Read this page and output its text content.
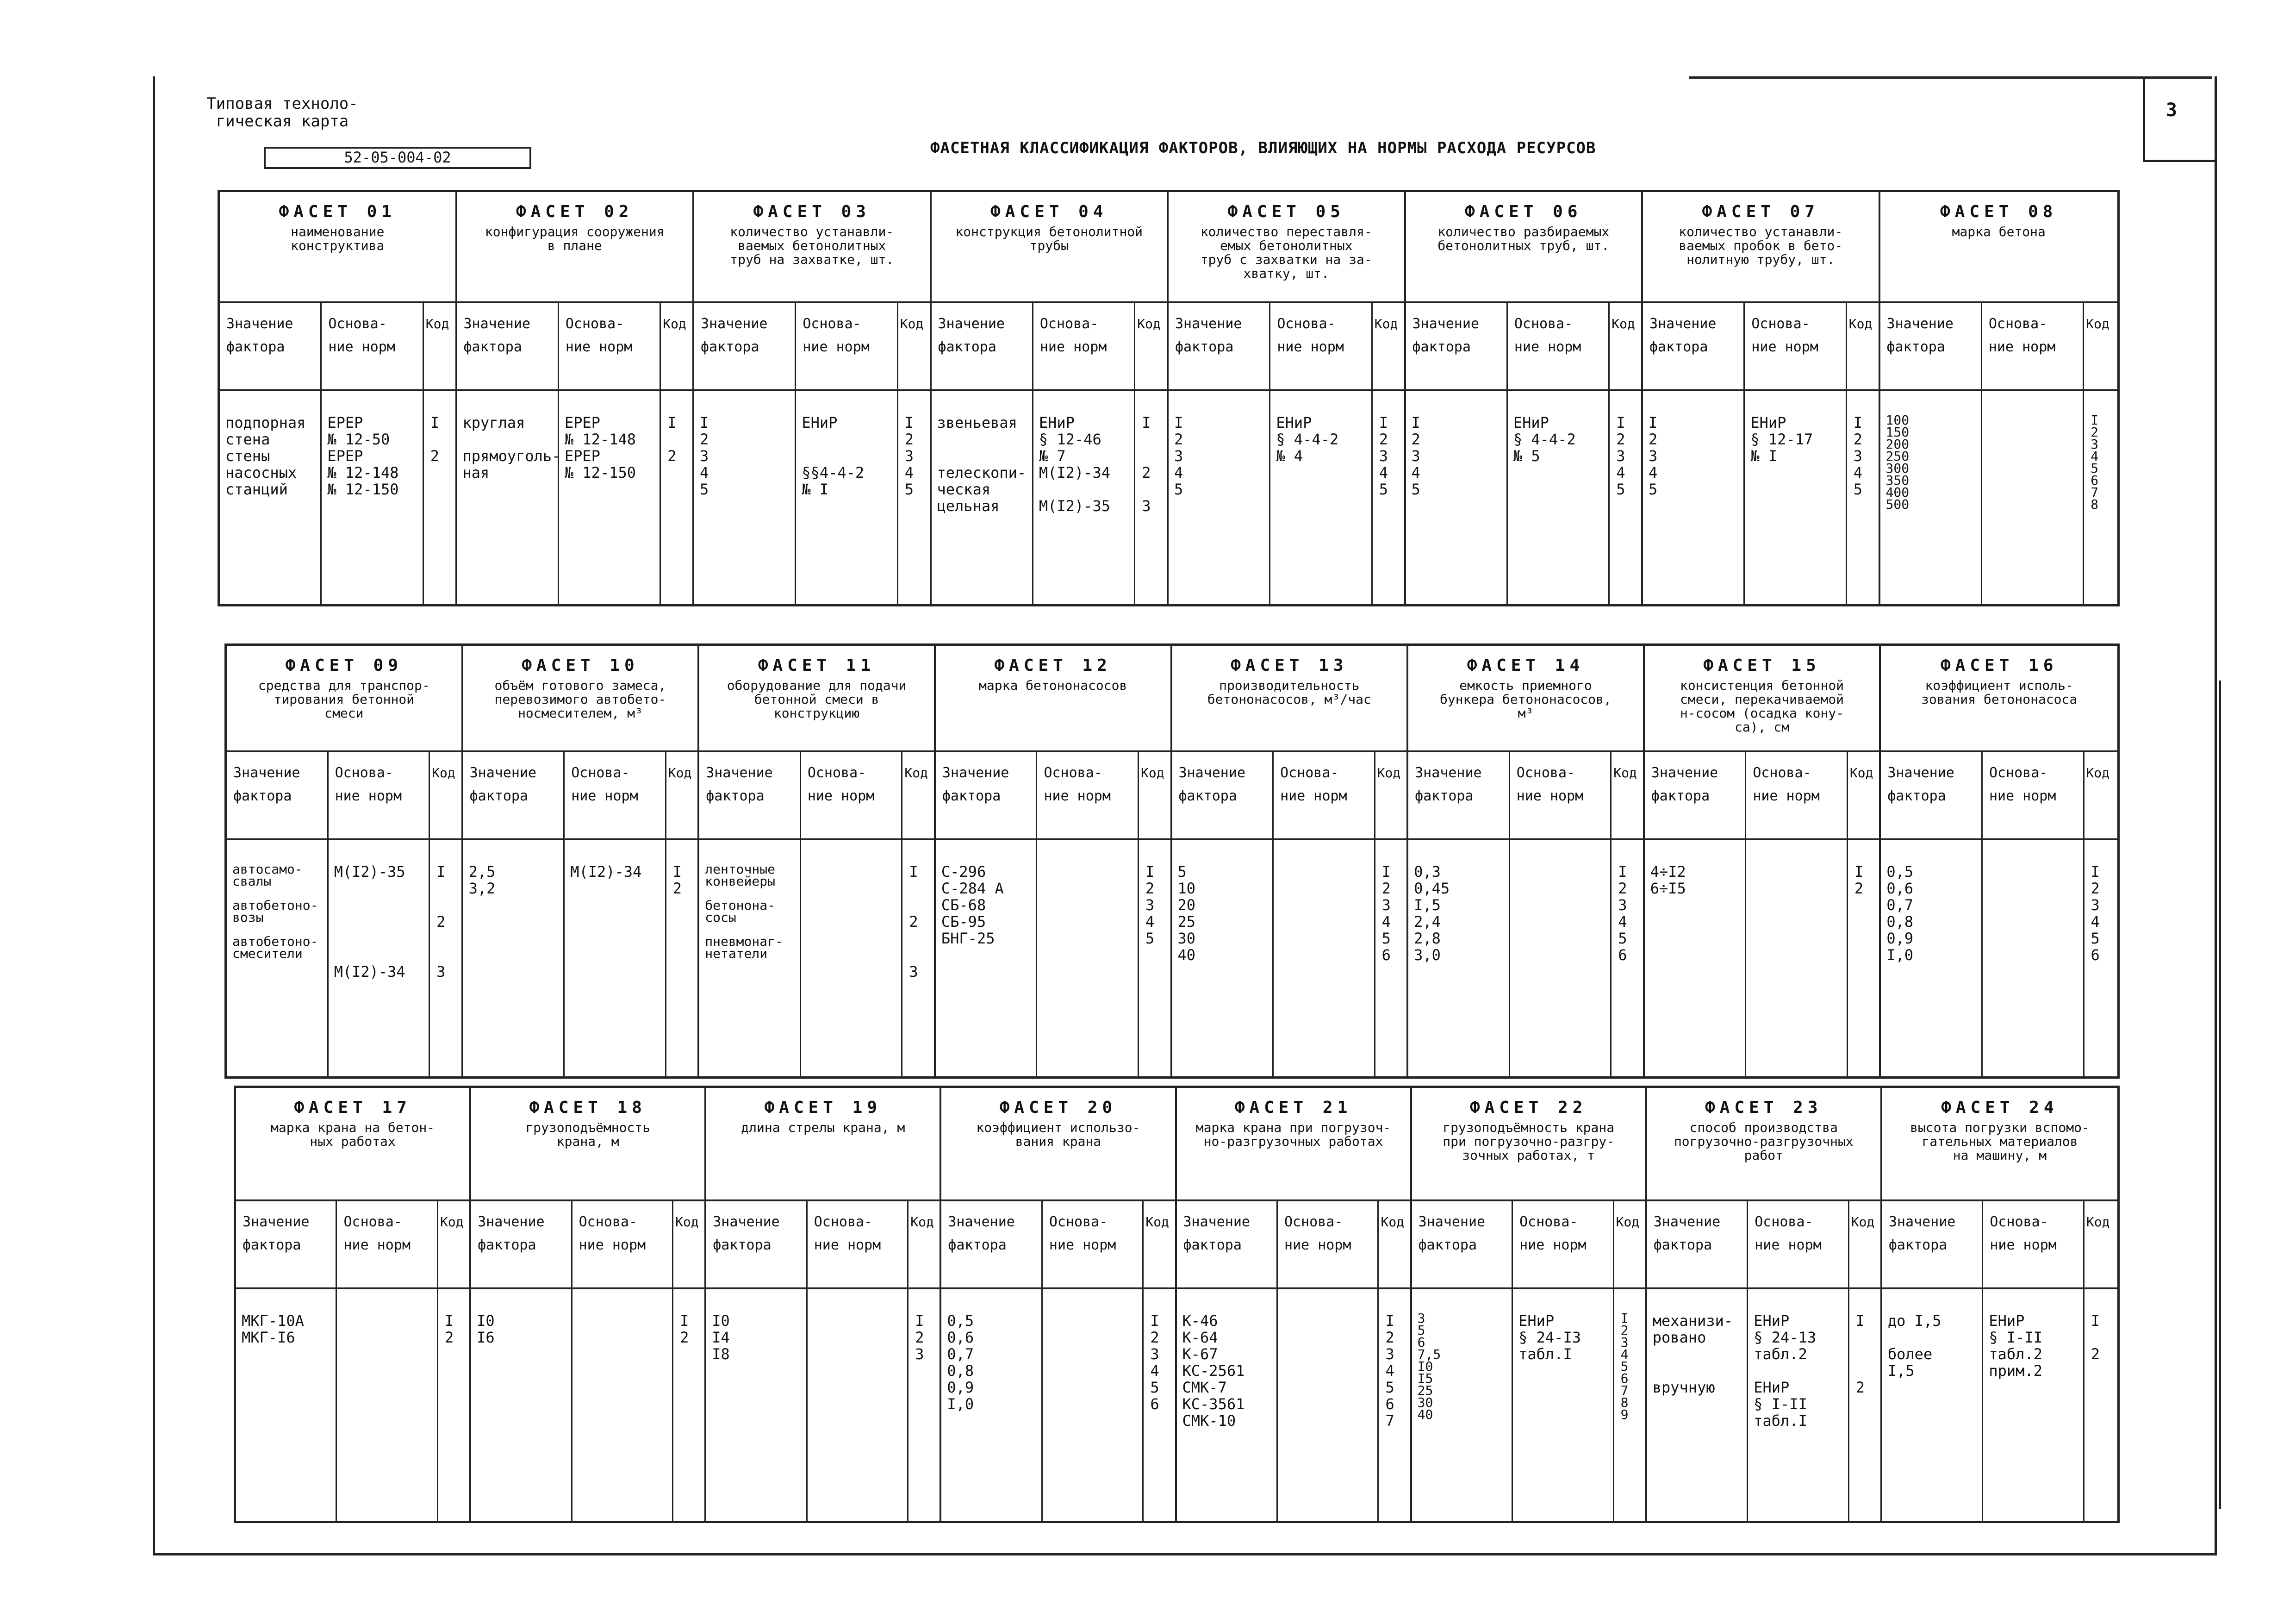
3
Типовая техноло-
гическая карта
52-05-004-02	ФАСЕТНАЯ КЛАССИФИКАЦИЯ ФАКТОРОВ, ВЛИЯЮЩИХ НА НОРМЫ РАСХОДА РЕСУРСОВ
ФАСЕТ 01
наименование
конструктива
Значение
фактора
подпорная
стена
стены
насосных
станций
Основа-
ние норм
ЕРЕР
№ 12-50
ЕРЕР
№ 12-148
№ 12-150
Код
I

2
ФАСЕТ 02
конфигурация сооружения
в плане
Значение
фактора
круглая

прямоуголь-
ная
Основа-
ние норм
ЕРЕР
№ 12-148
ЕРЕР
№ 12-150
Код
I

2
ФАСЕТ 03
количество устанавли-
ваемых бетонолитных
труб на захватке, шт.
Значение
фактора
I
2
3
4
5
Основа-
ние норм
ЕНиР

§§4-4-2
№ I
Код
I
2
3
4
5
ФАСЕТ 04
конструкция бетонолитной
трубы
Значение
фактора
звеньевая

телескопи-
ческая
цельная
Основа-
ние норм
ЕНиР
§ 12-46
№ 7
М(I2)-34

М(I2)-35
Код
I

2

3
ФАСЕТ 05
количество переставля-
емых бетонолитных
труб с захватки на за-
хватку, шт.
Значение
фактора
I
2
3
4
5
Основа-
ние норм
ЕНиР
§ 4-4-2
№ 4
Код
I
2
3
4
5
ФАСЕТ 06
количество разбираемых
бетонолитных труб, шт.
Значение
фактора
I
2
3
4
5
Основа-
ние норм
ЕНиР
§ 4-4-2
№ 5
Код
I
2
3
4
5
ФАСЕТ 07
количество устанавли-
ваемых пробок в бето-
нолитную трубу, шт.
Значение
фактора
I
2
3
4
5
Основа-
ние норм
ЕНиР
§ 12-17
№ I
Код
I
2
3
4
5
ФАСЕТ 08
марка бетона
Значение
фактора
100
150
200
250
300
350
400
500
Основа-
ние норм
Код
I
2
3
4
5
6
7
8
ФАСЕТ 09
средства для транспор-
тирования бетонной
смеси
Значение
фактора
автосамо-
свалы

автобетоно-
возы

автобетоно-
смесители
Основа-
ние норм
М(I2)-35

М(I2)-34
Код
I

2

3
ФАСЕТ 10
объём готового замеса,
перевозимого автобето-
носмесителем, м³
Значение
фактора
2,5
3,2
Основа-
ние норм
М(I2)-34
Код
I
2
ФАСЕТ 11
оборудование для подачи
бетонной смеси в
конструкцию
Значение
фактора
ленточные
конвейеры

бетонона-
сосы

пневмонаг-
нетатели
Основа-
ние норм
Код
I

2

3
ФАСЕТ 12
марка бетононасосов
Значение
фактора
С-296
С-284 А
СБ-68
СБ-95
БНГ-25
Основа-
ние норм
Код
I
2
3
4
5
ФАСЕТ 13
производительность
бетононасосов, м³/час
Значение
фактора
5
10
20
25
30
40
Основа-
ние норм
Код
I
2
3
4
5
6
ФАСЕТ 14
емкость приемного
бункера бетононасосов,
м³
Значение
фактора
0,3
0,45
I,5
2,4
2,8
3,0
Основа-
ние норм
Код
I
2
3
4
5
6
ФАСЕТ 15
консистенция бетонной
смеси, перекачиваемой
н-сосом (осадка кону-
са), см
Значение
фактора
4÷I2
6÷I5
Основа-
ние норм
Код
I
2
ФАСЕТ 16
коэффициент исполь-
зования бетононасоса
Значение
фактора
0,5
0,6
0,7
0,8
0,9
I,0
Основа-
ние норм
Код
I
2
3
4
5
6
ФАСЕТ 17
марка крана на бетон-
ных работах
Значение
фактора
МКГ-10А
МКГ-I6
Основа-
ние норм
Код
I
2
ФАСЕТ 18
грузоподъёмность
крана, м
Значение
фактора
I0
I6
Основа-
ние норм
Код
I
2
ФАСЕТ 19
длина стрелы крана, м
Значение
фактора
I0
I4
I8
Основа-
ние норм
Код
I
2
3
ФАСЕТ 20
коэффициент использо-
вания крана
Значение
фактора
0,5
0,6
0,7
0,8
0,9
I,0
Основа-
ние норм
Код
I
2
3
4
5
6
ФАСЕТ 21
марка крана при погрузоч-
но-разгрузочных работах
Значение
фактора
К-46
К-64
К-67
КС-2561
СМК-7
КС-3561
СМК-10
Основа-
ние норм
Код
I
2
3
4
5
6
7
ФАСЕТ 22
грузоподъёмность крана
при погрузочно-разгру-
зочных работах, т
Значение
фактора
3
5
6
7,5
I0
I5
25
30
40
Основа-
ние норм
ЕНиР
§ 24-I3
табл.I
Код
I
2
3
4
5
6
7
8
9
ФАСЕТ 23
способ производства
погрузочно-разгрузочных
работ
Значение
фактора
механизи-
ровано

вручную
Основа-
ние норм
ЕНиР
§ 24-13
табл.2

ЕНиР
§ I-II
табл.I
Код
I

2
ФАСЕТ 24
высота погрузки вспомо-
гательных материалов
на машину, м
Значение
фактора
до I,5

более
I,5
Основа-
ние норм
ЕНиР
§ I-II
табл.2
прим.2
Код
I

2
